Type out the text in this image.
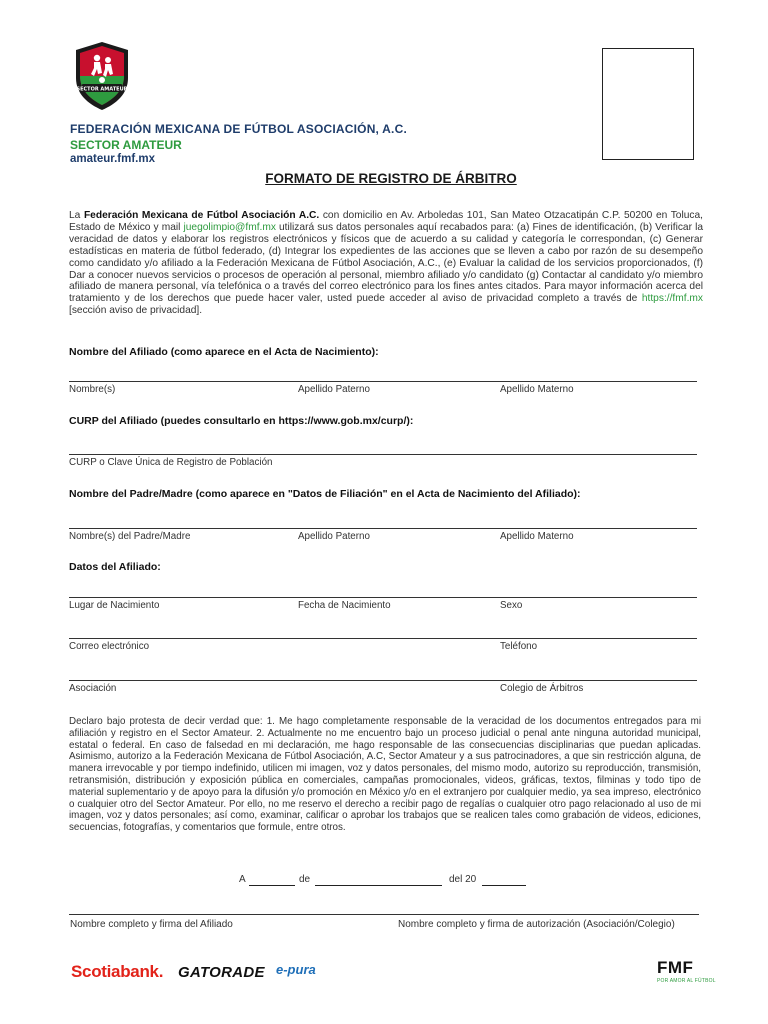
SECTOR AMATEUR
FEDERACIÓN MEXICANA DE FÚTBOL ASOCIACIÓN, A.C.
SECTOR AMATEUR
amateur.fmf.mx
FORMATO DE REGISTRO DE ÁRBITRO
La Federación Mexicana de Fútbol Asociación A.C. con domicilio en Av. Arboledas 101, San Mateo Otzacatipán C.P. 50200 en Toluca, Estado de México y mail juegolimpio@fmf.mx utilizará sus datos personales aquí recabados para: (a) Fines de identificación, (b) Verificar la veracidad de datos y elaborar los registros electrónicos y físicos que de acuerdo a su calidad y categoría le correspondan, (c) Generar estadísticas en materia de fútbol federado, (d) Integrar los expedientes de las acciones que se lleven a cabo por razón de su desempeño como candidato y/o afiliado a la Federación Mexicana de Fútbol Asociación, A.C., (e) Evaluar la calidad de los servicios proporcionados, (f) Dar a conocer nuevos servicios o procesos de operación al personal, miembro afiliado y/o candidato (g) Contactar al candidato y/o miembro afiliado de manera personal, vía telefónica o a través del correo electrónico para los fines antes citados. Para mayor información acerca del tratamiento y de los derechos que puede hacer valer, usted puede acceder al aviso de privacidad completo a través de https://fmf.mx [sección aviso de privacidad].
Nombre del Afiliado (como aparece en el Acta de Nacimiento):
Nombre(s)	Apellido Paterno	Apellido Materno
CURP del Afiliado (puedes consultarlo en https://www.gob.mx/curp/):
CURP o Clave Única de Registro de Población
Nombre del Padre/Madre (como aparece en "Datos de Filiación" en el Acta de Nacimiento del Afiliado):
Nombre(s) del Padre/Madre	Apellido Paterno	Apellido Materno
Datos del Afiliado:
Lugar de Nacimiento	Fecha de Nacimiento	Sexo
Correo electrónico	Teléfono
Asociación	Colegio de Árbitros
Declaro bajo protesta de decir verdad que: 1. Me hago completamente responsable de la veracidad de los documentos entregados para mi afiliación y registro en el Sector Amateur. 2. Actualmente no me encuentro bajo un proceso judicial o penal ante ninguna autoridad municipal, estatal o federal. En caso de falsedad en mi declaración, me hago responsable de las consecuencias disciplinarias que puedan aplicadas. Asimismo, autorizo a la Federación Mexicana de Fútbol Asociación, A.C, Sector Amateur y a sus patrocinadores, a que sin restricción alguna, de manera irrevocable y por tiempo indefinido, utilicen mi imagen, voz y datos personales, del mismo modo, autorizo su reproducción, transmisión, retransmisión, distribución y exposición pública en comerciales, campañas promocionales, videos, gráficas, textos, filminas y todo tipo de material suplementario y de apoyo para la difusión y/o promoción en México y/o en el extranjero por cualquier medio, ya sea impreso, electrónico o cualquier otro del Sector Amateur. Por ello, no me reservo el derecho a recibir pago de regalías o cualquier otro pago relacionado al uso de mi imagen, voz y datos personales; así como, examinar, calificar o aprobar los trabajos que se realicen tales como grabación de videos, ediciones, secuencias, fotografías, y comentarios que formule, entre otros.
A	de	del 20
Nombre completo y firma del Afiliado	Nombre completo y firma de autorización (Asociación/Colegio)
Scotiabank. GATORADE e-pura	FMF
POR AMOR AL FÚTBOL
